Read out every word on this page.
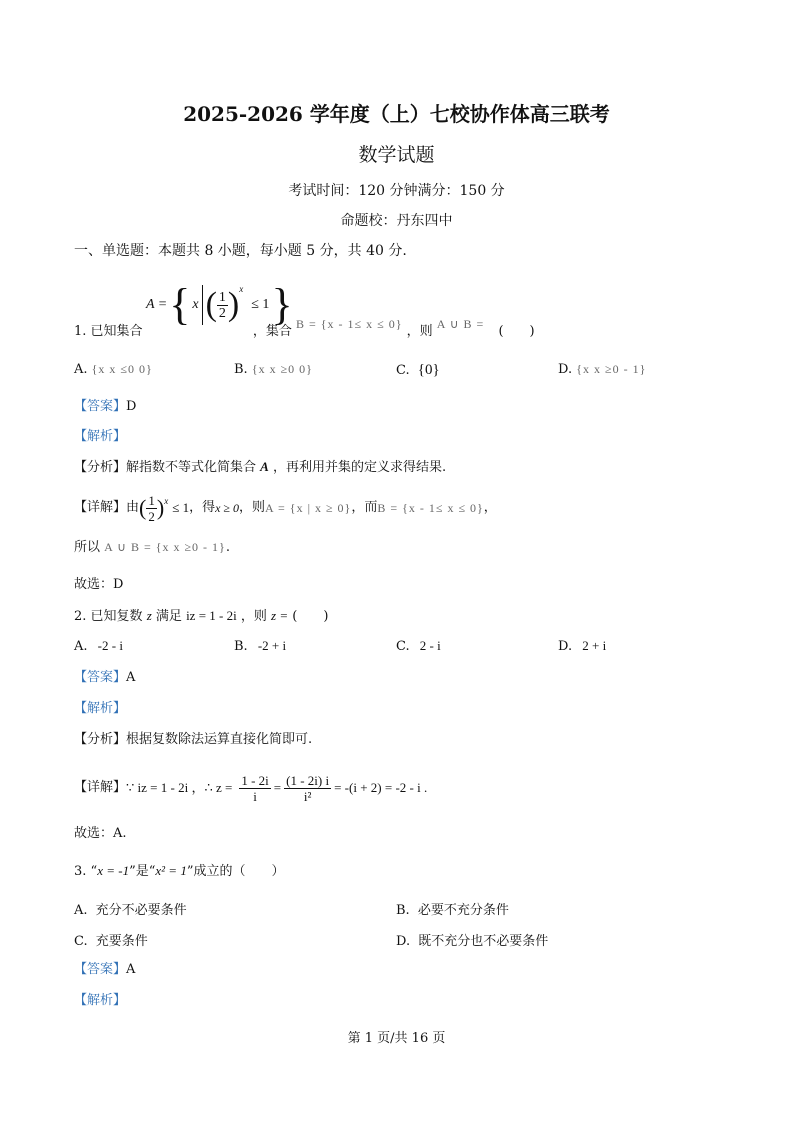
2025-2026 学年度（上）七校协作体高三联考
数学试题
考试时间：120 分钟满分：150 分
命题校：丹东四中
一、单选题：本题共 8 小题，每小题 5 分，共 40 分.
A = { x ( $\frac{1}{2}$ ) x
≤ 1 }
1. 已知集合	，集合 B = {x - 1≤ x ≤ 0} ，则 A ∪ B = (　　)
A. {x x ≤0 0}	B. {x x ≥0 0}	C. {0}	D. {x x ≥0 - 1}
【答案】D
【解析】
【分析】解指数不等式化简集合 A ，再利用并集的定义求得结果.
【详解】 由 ( $\frac{1}{2}$ ) x ≤ 1 ，得 x ≥ 0 ，则 A = {x | x ≥ 0} ，而 B = {x - 1≤ x ≤ 0} ，
所以 A ∪ B = {x x ≥0 - 1}.
故选：D
2. 已知复数 z 满足 iz = 1 - 2i ，则 z = (　　)
A. -2 - i	B. -2 + i	C. 2 - i	D. 2 + i
【答案】A
【解析】
【分析】根据复数除法运算直接化简即可.
【详解】 ∵ iz = 1 - 2i ，∴ $z = \frac{1 - 2i}{i} = \frac{(1 - 2i) i}{\text{i²}} = -(i + 2) = -2 - i$ .
故选：A.
3. “x = -1”是“x² = 1”成立的（　　）
A. 充分不必要条件	B. 必要不充分条件
C. 充要条件	D. 既不充分也不必要条件
【答案】A
【解析】
第 1 页/共 16 页
